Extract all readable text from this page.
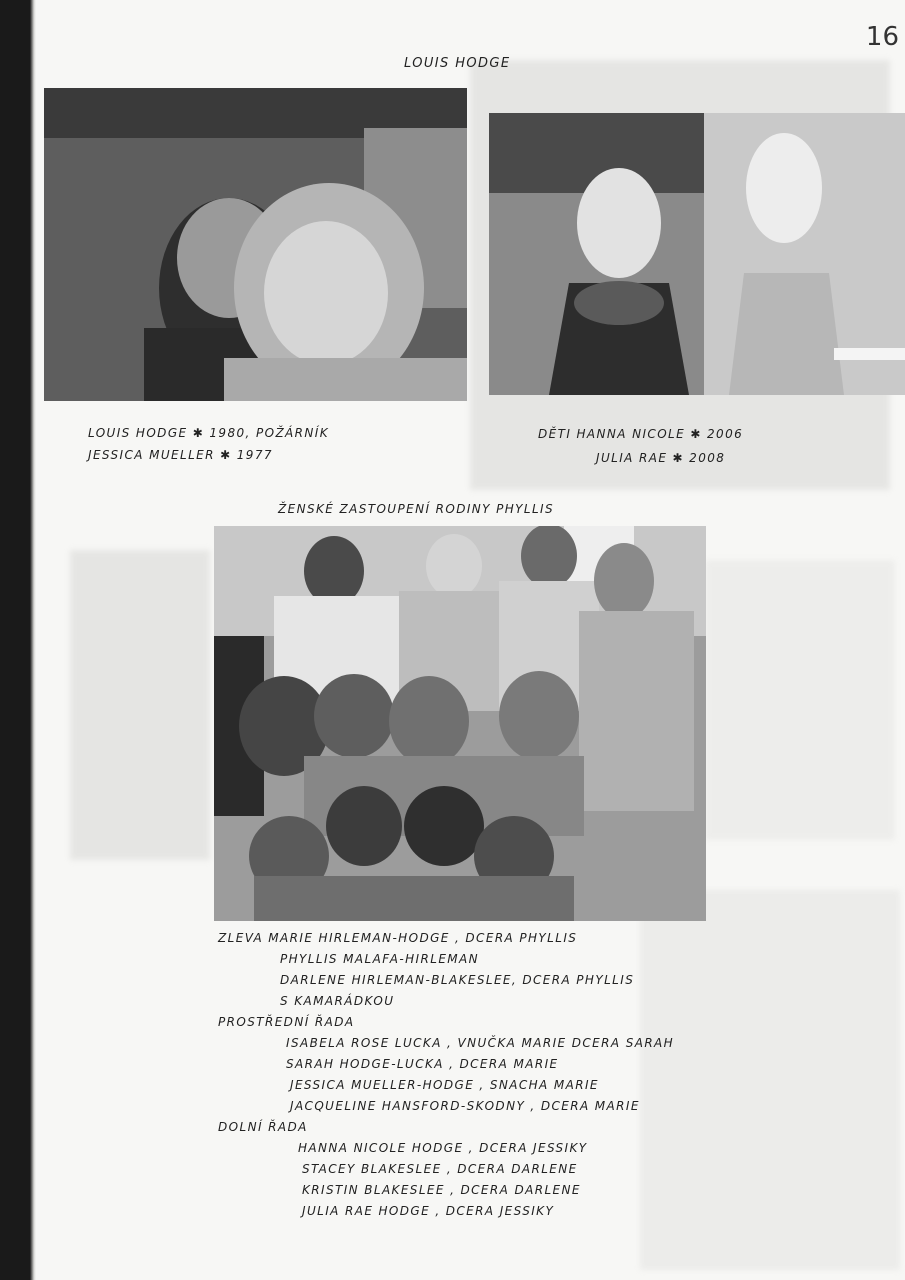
16

LOUIS HODGE

LOUIS HODGE ✱ 1980, POŽÁRNÍK

JESSICA MUELLER ✱ 1977

DĚTI HANNA NICOLE ✱ 2006

JULIA RAE ✱ 2008

ŽENSKÉ ZASTOUPENÍ RODINY PHYLLIS

ZLEVA MARIE HIRLEMAN-HODGE , DCERA PHYLLIS

PHYLLIS MALAFA-HIRLEMAN

DARLENE HIRLEMAN-BLAKESLEE, DCERA PHYLLIS

S KAMARÁDKOU

PROSTŘEDNÍ ŘADA

ISABELA ROSE LUCKA , VNUČKA MARIE DCERA SARAH

SARAH HODGE-LUCKA , DCERA MARIE

JESSICA MUELLER-HODGE , SNACHA MARIE

JACQUELINE HANSFORD-SKODNY , DCERA MARIE

DOLNÍ ŘADA

HANNA NICOLE HODGE , DCERA JESSIKY

STACEY BLAKESLEE , DCERA DARLENE

KRISTIN BLAKESLEE , DCERA DARLENE

JULIA RAE HODGE , DCERA JESSIKY
